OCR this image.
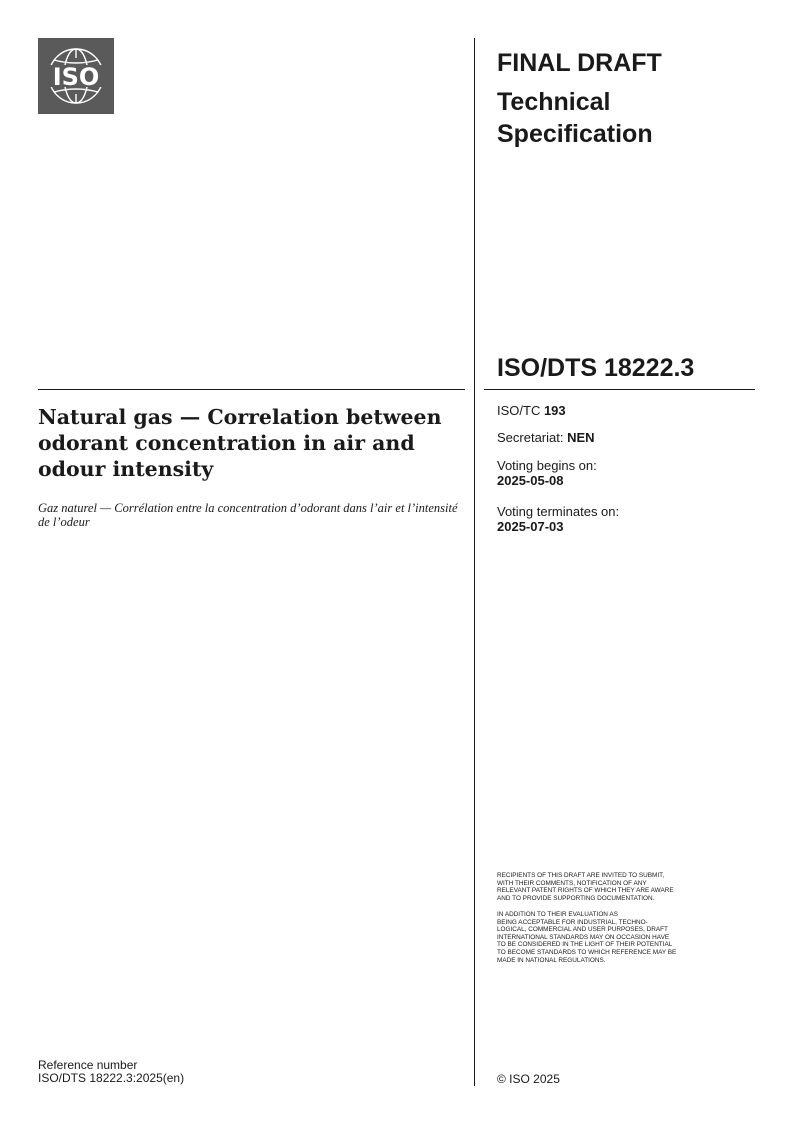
ISO	FINAL DRAFT
Technical Specification
ISO/DTS 18222.3
Natural gas — Correlation between odorant concentration in air and odour intensity
Gaz naturel — Corrélation entre la concentration d’odorant dans l’air et l’intensité de l’odeur
ISO/TC 193
Secretariat: NEN
Voting begins on:
2025-05-08
Voting terminates on:
2025-07-03
RECIPIENTS OF THIS DRAFT ARE INVITED TO SUBMIT,
WITH THEIR COMMENTS, NOTIFICATION OF ANY
RELEVANT PATENT RIGHTS OF WHICH THEY ARE AWARE
AND TO PROVIDE SUPPORTING DOCUMENTATION.
IN ADDITION TO THEIR EVALUATION AS
BEING ACCEPTABLE FOR INDUSTRIAL, TECHNO-
LOGICAL, COMMERCIAL AND USER PURPOSES, DRAFT
INTERNATIONAL STANDARDS MAY ON OCCASION HAVE
TO BE CONSIDERED IN THE LIGHT OF THEIR POTENTIAL
TO BECOME STANDARDS TO WHICH REFERENCE MAY BE
MADE IN NATIONAL REGULATIONS.
Reference number
ISO/DTS 18222.3:2025(en)	© ISO 2025
